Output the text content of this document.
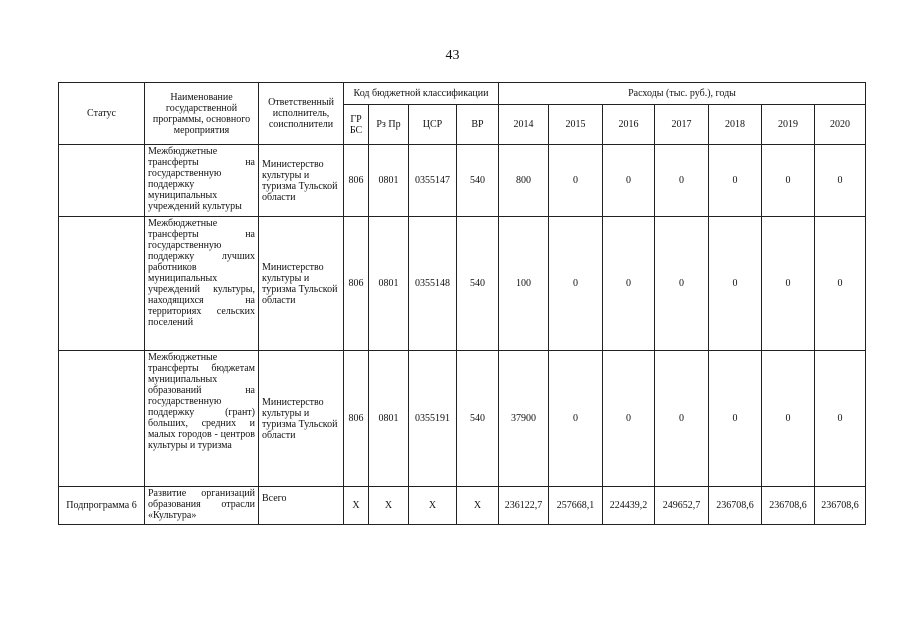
43
Статус	Наименование государственной программы, основного мероприятия	Ответственный исполнитель, соисполнители	Код бюджетной классификации				Расходы (тыс. руб.), годы						
			ГР БС	Рз Пр	ЦСР	ВР	2014	2015	2016	2017	2018	2019	2020
	Межбюджетные трансферты на государственную поддержку муниципальных учреждений культуры	Министерство культуры и туризма Тульской области	806	0801	0355147	540	800	0	0	0	0	0	0
	Межбюджетные трансферты на государственную поддержку лучших работников муниципальных учреждений культуры, находящихся на территориях сельских поселений	Министерство культуры и туризма Тульской области	806	0801	0355148	540	100	0	0	0	0	0	0
	Межбюджетные трансферты бюджетам муниципальных образований на государственную поддержку (грант) больших, средних и малых городов - центров культуры и туризма	Министерство культуры и туризма Тульской области	806	0801	0355191	540	37900	0	0	0	0	0	0
Подпрограмма 6	Развитие организаций образования отрасли «Культура»	Всего	Х	Х	Х	Х	236122,7	257668,1	224439,2	249652,7	236708,6	236708,6	236708,6
